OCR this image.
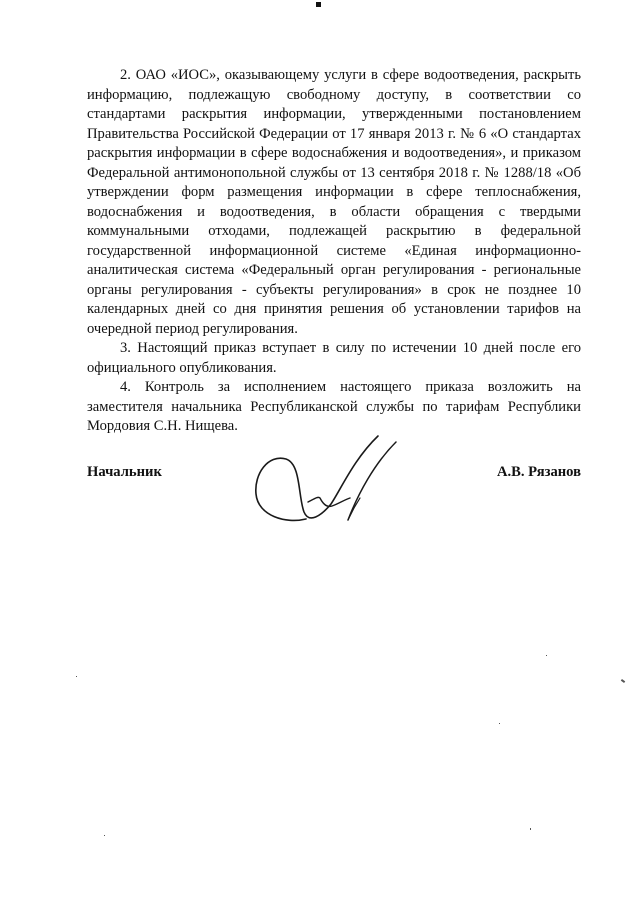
2. ОАО «ИОС», оказывающему услуги в сфере водоотведения, раскрыть информацию, подлежащую свободному доступу, в соответствии со стандартами раскрытия информации, утвержденными постановлением Правительства Российской Федерации от 17 января 2013 г. № 6 «О стандартах раскрытия информации в сфере водоснабжения и водоотведения», и приказом Федеральной антимонопольной службы от 13 сентября 2018 г. № 1288/18 «Об утверждении форм размещения информации в сфере теплоснабжения, водоснабжения и водоотведения, в области обращения с твердыми коммунальными отходами, подлежащей раскрытию в федеральной государственной информационной системе «Единая информационно-аналитическая система «Федеральный орган регулирования - региональные органы регулирования - субъекты регулирования» в срок не позднее 10 календарных дней со дня принятия решения об установлении тарифов на очередной период регулирования.

3. Настоящий приказ вступает в силу по истечении 10 дней после его официального опубликования.

4. Контроль за исполнением настоящего приказа возложить на заместителя начальника Республиканской службы по тарифам Республики Мордовия С.Н. Нищева.

Начальник	А.В. Рязанов
